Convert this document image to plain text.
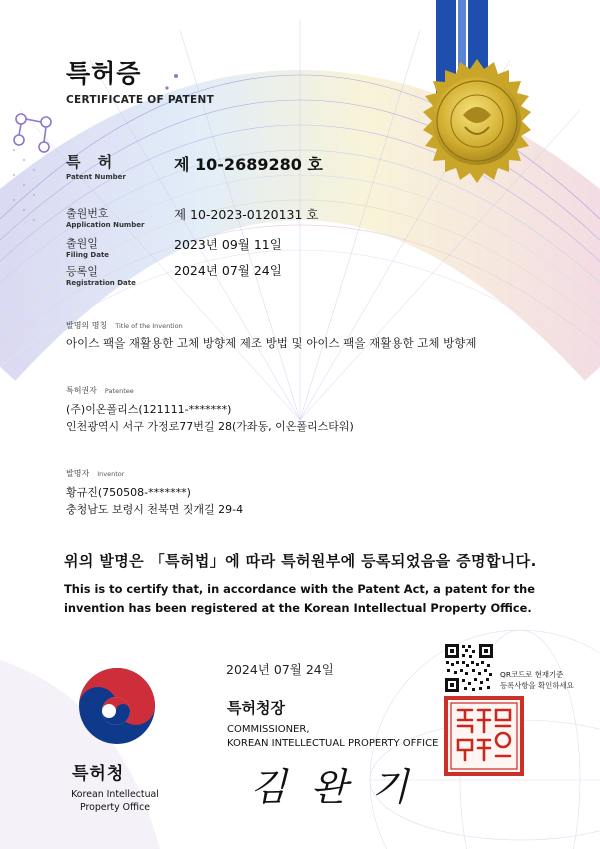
특허증
CERTIFICATE OF PATENT
특 허
Patent Number
제 10-2689280 호
출원번호
Application Number
제 10-2023-0120131 호
출원일
Filing Date
2023년 09월 11일
등록일
Registration Date
2024년 07월 24일
발명의 명칭 Title of the Invention
아이스 팩을 재활용한 고체 방향제 제조 방법 및 아이스 팩을 재활용한 고체 방향제
특허권자 Patentee
(주)이온폴리스(121111-*******)
인천광역시 서구 가정로77번길 28(가좌동, 이온폴리스타워)
발명자 Inventor
황규진(750508-*******)
충청남도 보령시 천북면 짓개길 29-4
위의 발명은 「특허법」에 따라 특허원부에 등록되었음을 증명합니다.
This is to certify that, in accordance with the Patent Act, a patent for the invention has been registered at the Korean Intellectual Property Office.
2024년 07월 24일
특허청장
COMMISSIONER,
KOREAN INTELLECTUAL PROPERTY OFFICE
김 완 기
QR코드로 현재기준
등록사항을 확인하세요
특허청
Korean Intellectual
Property Office
